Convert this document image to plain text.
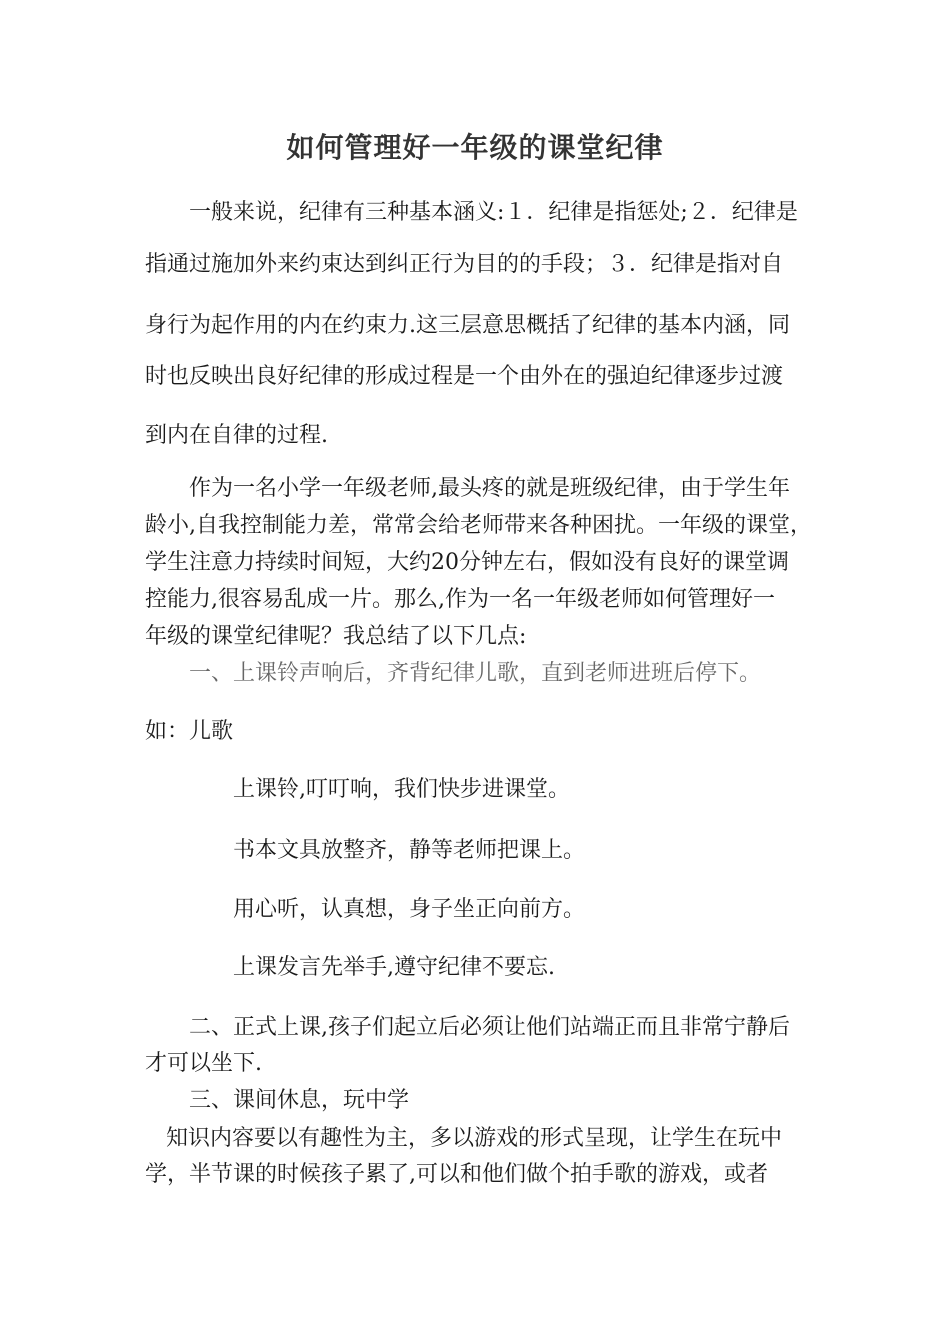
如何管理好一年级的课堂纪律
一般来说，纪律有三种基本涵义:１．纪律是指惩处;２．纪律是
指通过施加外来约束达到纠正行为目的的手段；３．纪律是指对自
身行为起作用的内在约束力.这三层意思概括了纪律的基本内涵，同
时也反映出良好纪律的形成过程是一个由外在的强迫纪律逐步过渡
到内在自律的过程.
作为一名小学一年级老师,最头疼的就是班级纪律，由于学生年
龄小,自我控制能力差，常常会给老师带来各种困扰。一年级的课堂，
学生注意力持续时间短，大约20分钟左右，假如没有良好的课堂调
控能力,很容易乱成一片。那么,作为一名一年级老师如何管理好一
年级的课堂纪律呢？我总结了以下几点:
一、上课铃声响后，齐背纪律儿歌，直到老师进班后停下。
如：儿歌
上课铃,叮叮响，我们快步进课堂。
书本文具放整齐，静等老师把课上。
用心听，认真想，身子坐正向前方。
上课发言先举手,遵守纪律不要忘.
二、正式上课,孩子们起立后必须让他们站端正而且非常宁静后
才可以坐下.
三、课间休息，玩中学
知识内容要以有趣性为主，多以游戏的形式呈现，让学生在玩中
学，半节课的时候孩子累了,可以和他们做个拍手歌的游戏，或者
